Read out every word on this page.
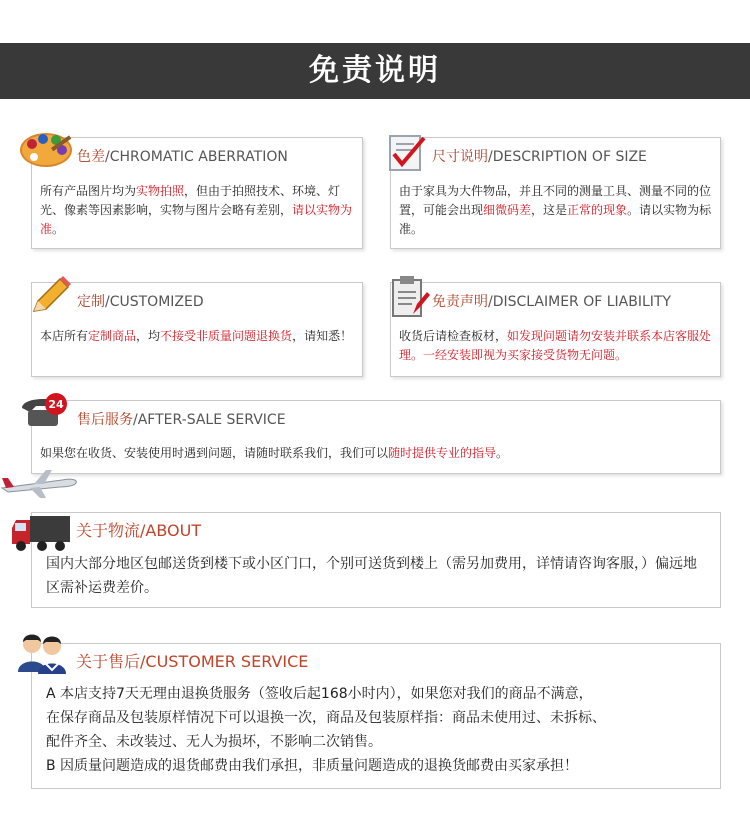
免责说明
色差/CHROMATIC ABERRATION
所有产品图片均为实物拍照，但由于拍照技术、环境、灯光、像素等因素影响，实物与图片会略有差别，请以实物为准。
尺寸说明/DESCRIPTION OF SIZE
由于家具为大件物品，并且不同的测量工具、测量不同的位置，可能会出现细微码差，这是正常的现象。请以实物为标准。
定制/CUSTOMIZED
本店所有定制商品，均不接受非质量问题退换货，请知悉！
免责声明/DISCLAIMER OF LIABILITY
收货后请检查板材，如发现问题请勿安装并联系本店客服处理。一经安装即视为买家接受货物无问题。
24
售后服务/AFTER-SALE SERVICE
如果您在收货、安装使用时遇到问题，请随时联系我们，我们可以随时提供专业的指导。
关于物流/ABOUT
国内大部分地区包邮送货到楼下或小区门口，个别可送货到楼上（需另加费用，详情请咨询客服，）偏远地区需补运费差价。
关于售后/CUSTOMER SERVICE
A 本店支持7天无理由退换货服务（签收后起168小时内），如果您对我们的商品不满意，
在保存商品及包装原样情况下可以退换一次，商品及包装原样指：商品未使用过、未拆标、
配件齐全、未改装过、无人为损坏，不影响二次销售。
B 因质量问题造成的退货邮费由我们承担，非质量问题造成的退换货邮费由买家承担！
